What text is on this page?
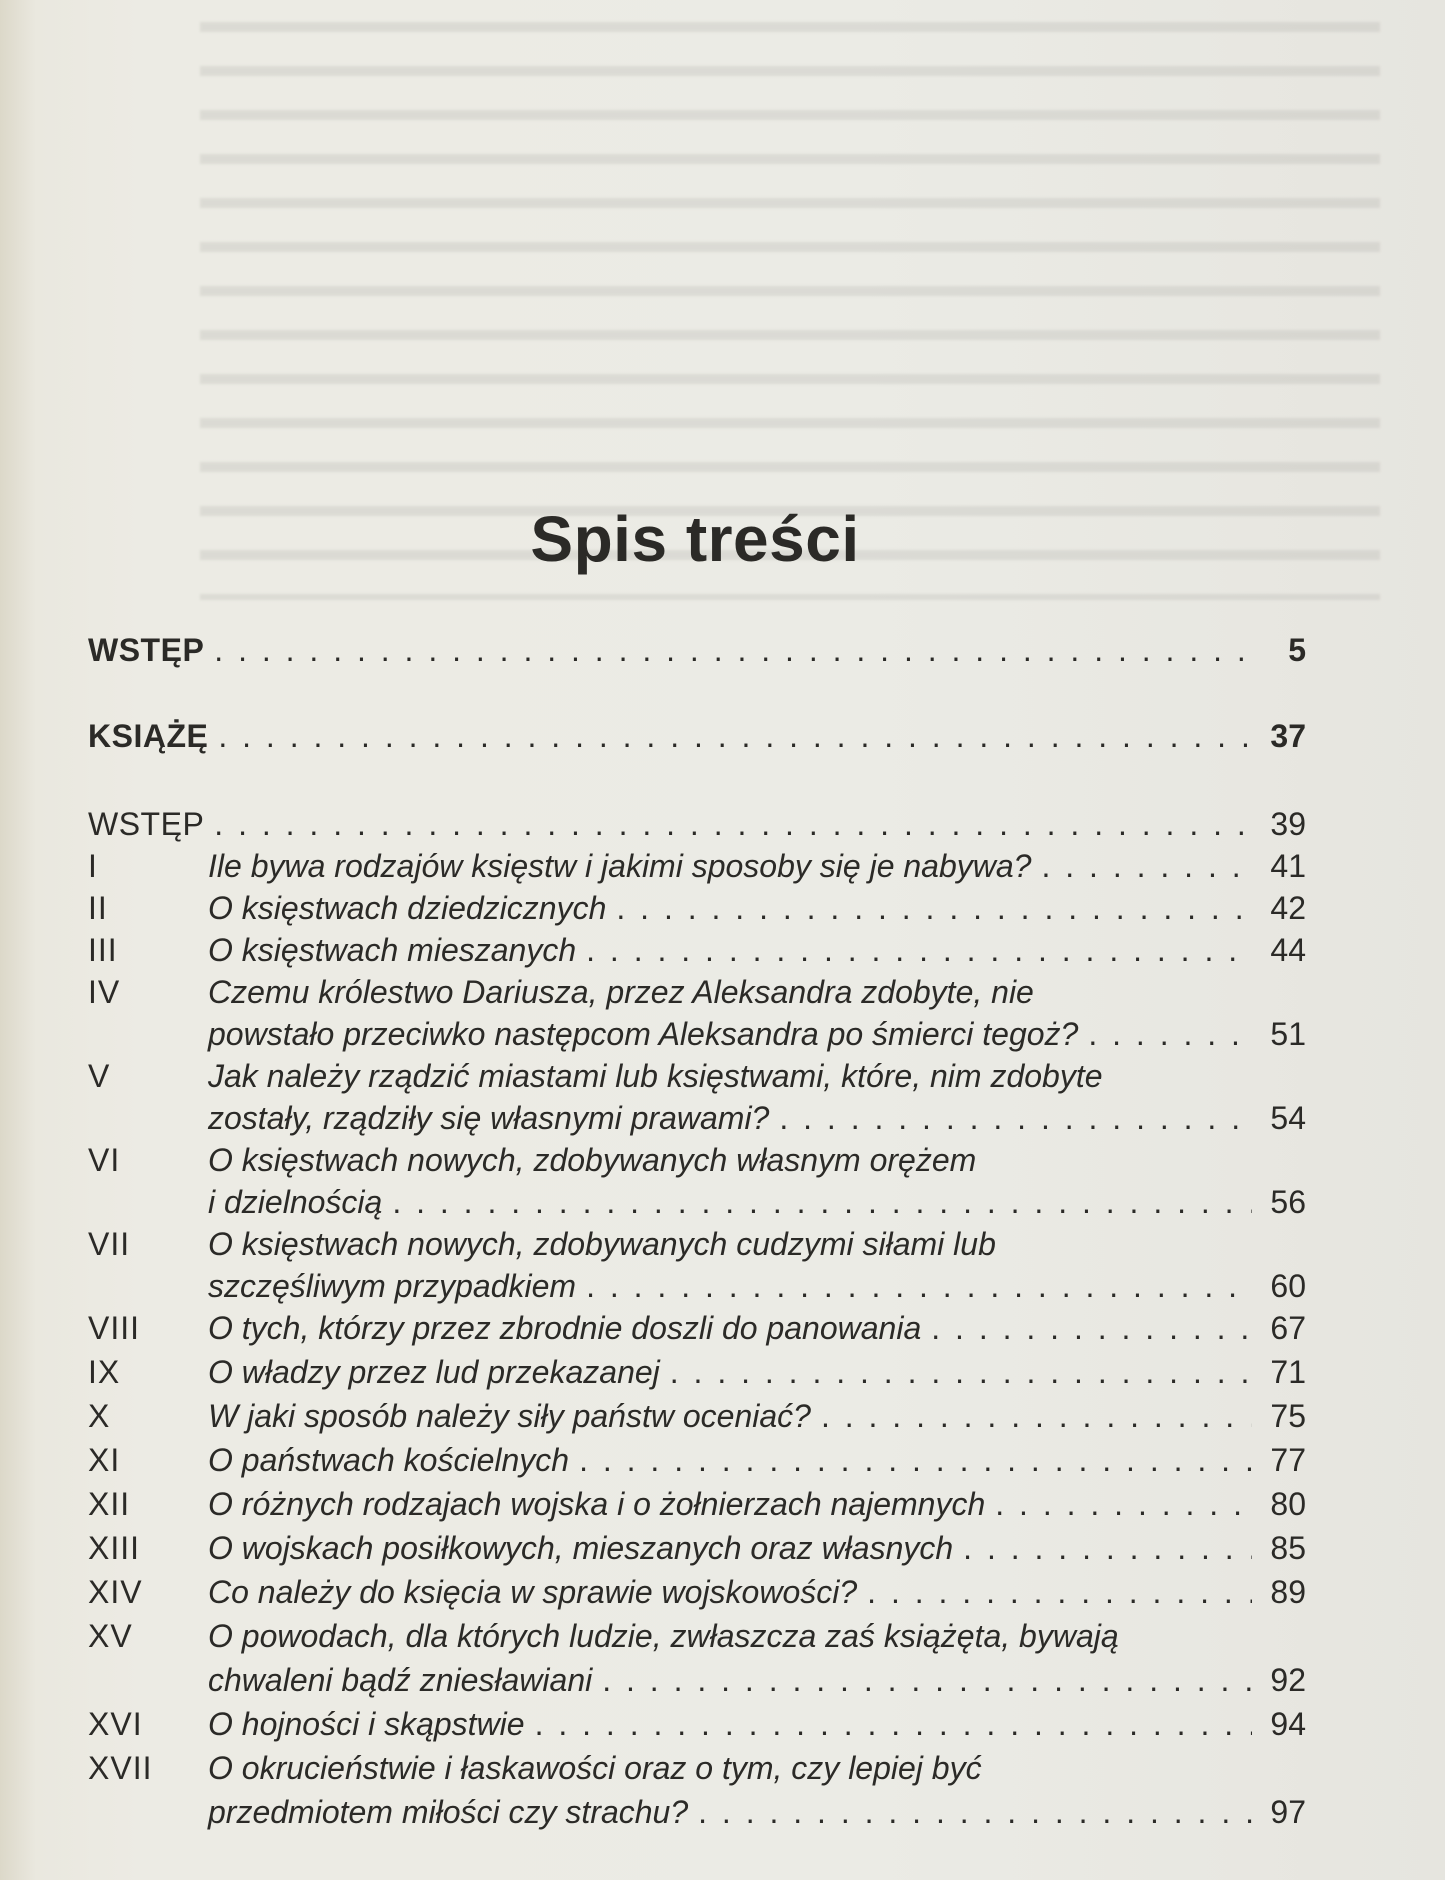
Spis treści
WSTĘP . . .	5
KSIĄŻĘ . . .	37
WSTĘP . . .	39
I	Ile bywa rodzajów księstw i jakimi sposoby się je nabywa? . . .	41
II	O księstwach dziedzicznych . . .	42
III	O księstwach mieszanych . . .	44
IV	Czemu królestwo Dariusza, przez Aleksandra zdobyte, nie
powstało przeciwko następcom Aleksandra po śmierci tegoż? . . .	51
V	Jak należy rządzić miastami lub księstwami, które, nim zdobyte
zostały, rządziły się własnymi prawami? . . .	54
VI	O księstwach nowych, zdobywanych własnym orężem
i dzielnością . . .	56
VII	O księstwach nowych, zdobywanych cudzymi siłami lub
szczęśliwym przypadkiem . . .	60
VIII	O tych, którzy przez zbrodnie doszli do panowania . . .	67
IX	O władzy przez lud przekazanej . . .	71
X	W jaki sposób należy siły państw oceniać? . . .	75
XI	O państwach kościelnych . . .	77
XII	O różnych rodzajach wojska i o żołnierzach najemnych . . .	80
XIII	O wojskach posiłkowych, mieszanych oraz własnych . . .	85
XIV	Co należy do księcia w sprawie wojskowości? . . .	89
XV	O powodach, dla których ludzie, zwłaszcza zaś książęta, bywają
chwaleni bądź zniesławiani . . .	92
XVI	O hojności i skąpstwie . . .	94
XVII	O okrucieństwie i łaskawości oraz o tym, czy lepiej być
przedmiotem miłości czy strachu? . . .	97
